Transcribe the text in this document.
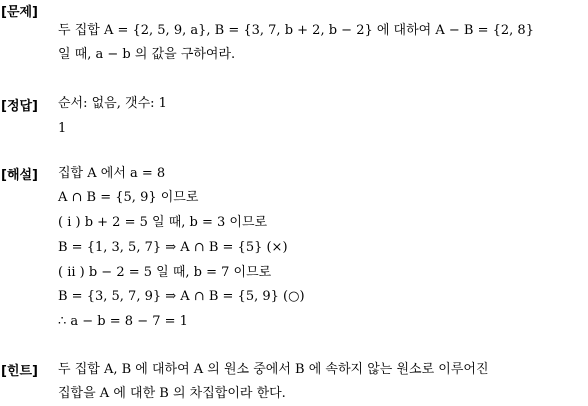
[문제]
두 집합 A = {2, 5, 9, a}, B = {3, 7, b + 2, b − 2} 에 대하여 A − B = {2, 8}
일 때, a − b 의 값을 구하여라.
[정답] 순서: 없음, 갯수: 1
1
[해설] 집합 A 에서 a = 8
A ∩ B = {5, 9} 이므로
( i ) b + 2 = 5 일 때, b = 3 이므로
B = {1, 3, 5, 7} ⇒ A ∩ B = {5} (×)
( ii ) b − 2 = 5 일 때, b = 7 이므로
B = {3, 5, 7, 9} ⇒ A ∩ B = {5, 9} (○)
∴ a − b = 8 − 7 = 1
[힌트] 두 집합 A, B 에 대하여 A 의 원소 중에서 B 에 속하지 않는 원소로 이루어진
집합을 A 에 대한 B 의 차집합이라 한다.
